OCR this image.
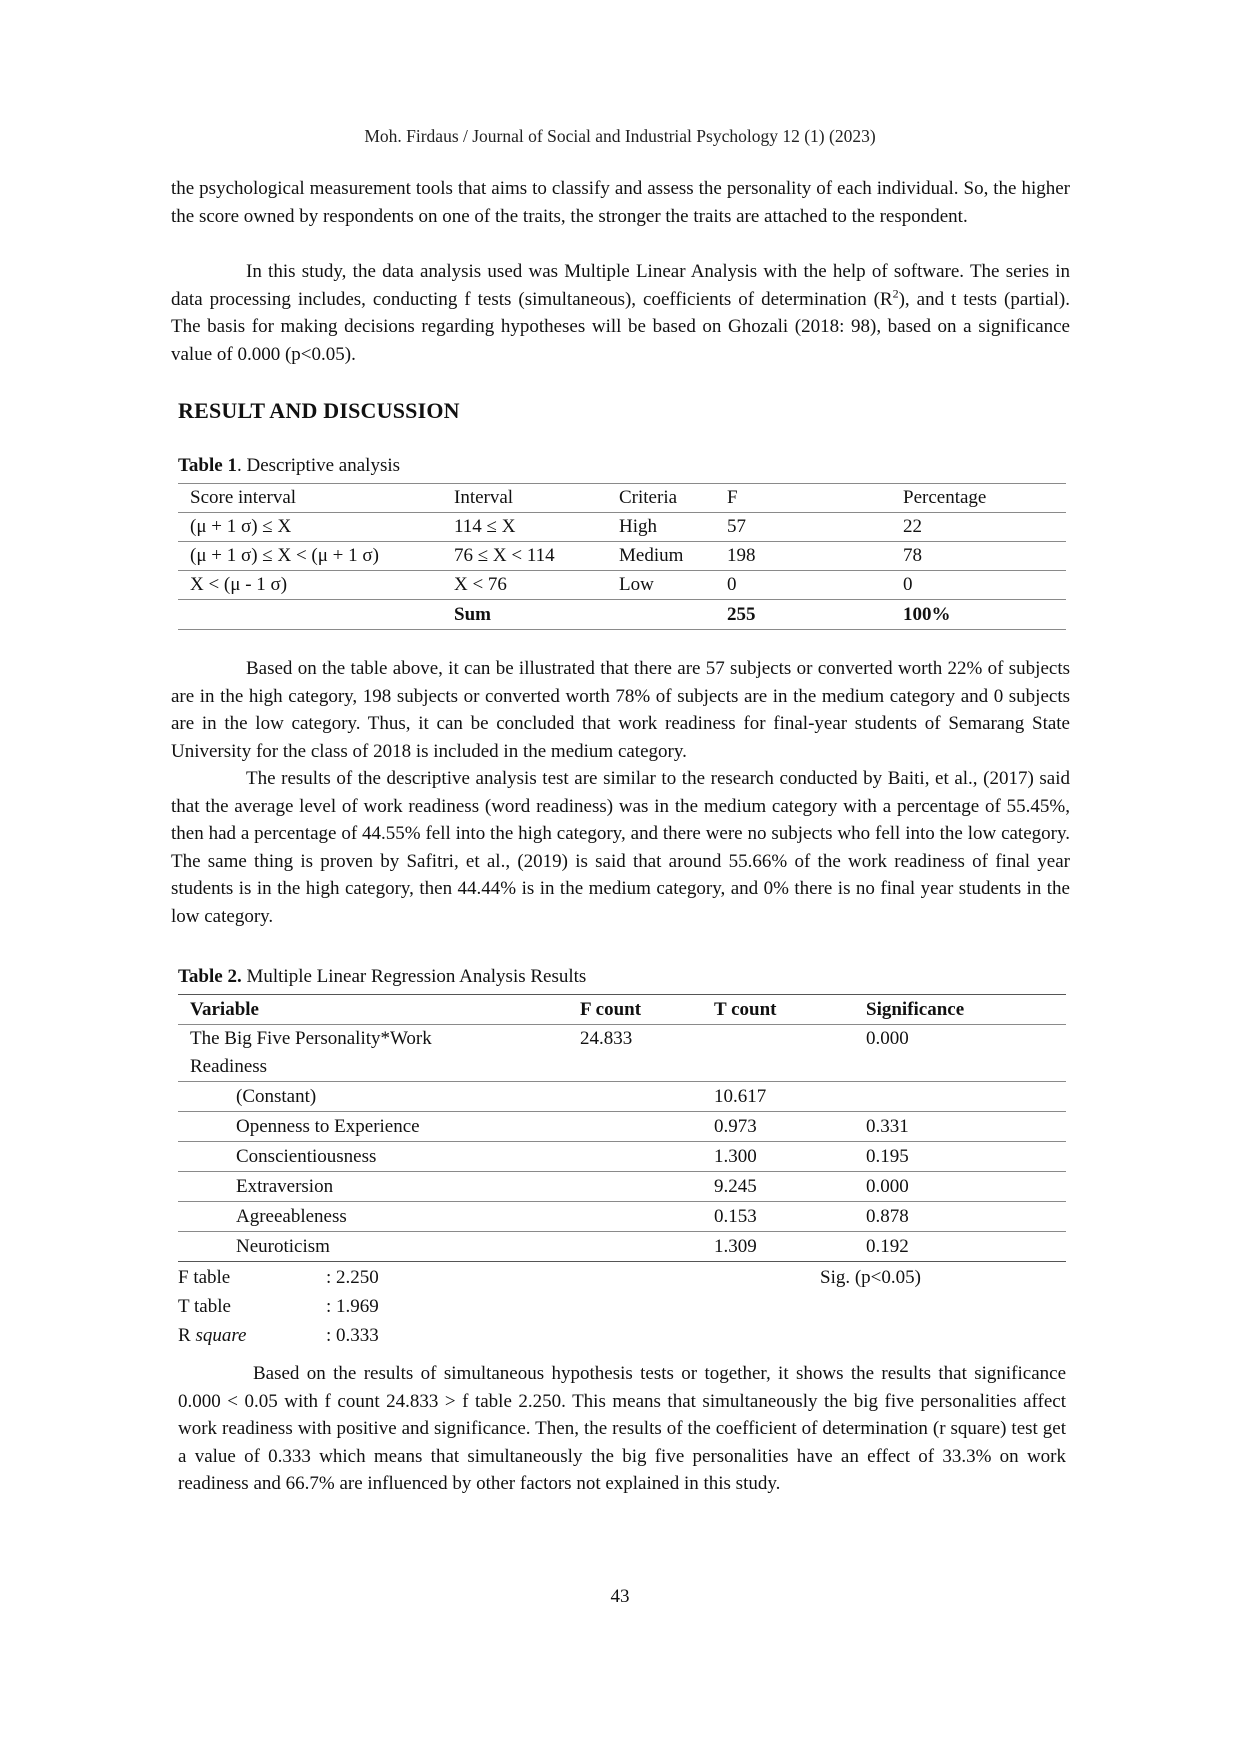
Moh. Firdaus / Journal of Social and Industrial Psychology 12 (1) (2023)

the psychological measurement tools that aims to classify and assess the personality of each individual. So, the higher the score owned by respondents on one of the traits, the stronger the traits are attached to the respondent.

In this study, the data analysis used was Multiple Linear Analysis with the help of software. The series in data processing includes, conducting f tests (simultaneous), coefficients of determination $(R^2)$, and t tests (partial). The basis for making decisions regarding hypotheses will be based on Ghozali (2018: 98), based on a significance value of 0.000 (p<0.05).

RESULT AND DISCUSSION
Table 1. Descriptive analysis
Score interval	Interval	Criteria	F	Percentage
(μ + 1 σ) ≤ X	114 ≤ X	High	57	22
(μ + 1 σ) ≤ X < (μ + 1 σ)	76 ≤ X < 114	Medium	198	78
X < (μ - 1 σ)	X < 76	Low	0	0
	Sum		255	100%

Based on the table above, it can be illustrated that there are 57 subjects or converted worth 22% of subjects are in the high category, 198 subjects or converted worth 78% of subjects are in the medium category and 0 subjects are in the low category. Thus, it can be concluded that work readiness for final-year students of Semarang State University for the class of 2018 is included in the medium category.

The results of the descriptive analysis test are similar to the research conducted by Baiti, et al., (2017) said that the average level of work readiness (word readiness) was in the medium category with a percentage of 55.45%, then had a percentage of 44.55% fell into the high category, and there were no subjects who fell into the low category. The same thing is proven by Safitri, et al., (2019) is said that around 55.66% of the work readiness of final year students is in the high category, then 44.44% is in the medium category, and 0% there is no final year students in the low category.

Table 2. Multiple Linear Regression Analysis Results
Variable	F count	T count	Significance
The Big Five Personality*Work Readiness	24.833		0.000
(Constant)		10.617	
Openness to Experience		0.973	0.331
Conscientiousness		1.300	0.195
Extraversion		9.245	0.000
Agreeableness		0.153	0.878
Neuroticism		1.309	0.192
F table	: 2.250	Sig. (p<0.05)
T table	: 1.969
R square	: 0.333

Based on the results of simultaneous hypothesis tests or together, it shows the results that significance 0.000 < 0.05 with f count 24.833 > f table 2.250. This means that simultaneously the big five personalities affect work readiness with positive and significance. Then, the results of the coefficient of determination (r square) test get a value of 0.333 which means that simultaneously the big five personalities have an effect of 33.3% on work readiness and 66.7% are influenced by other factors not explained in this study.

43
